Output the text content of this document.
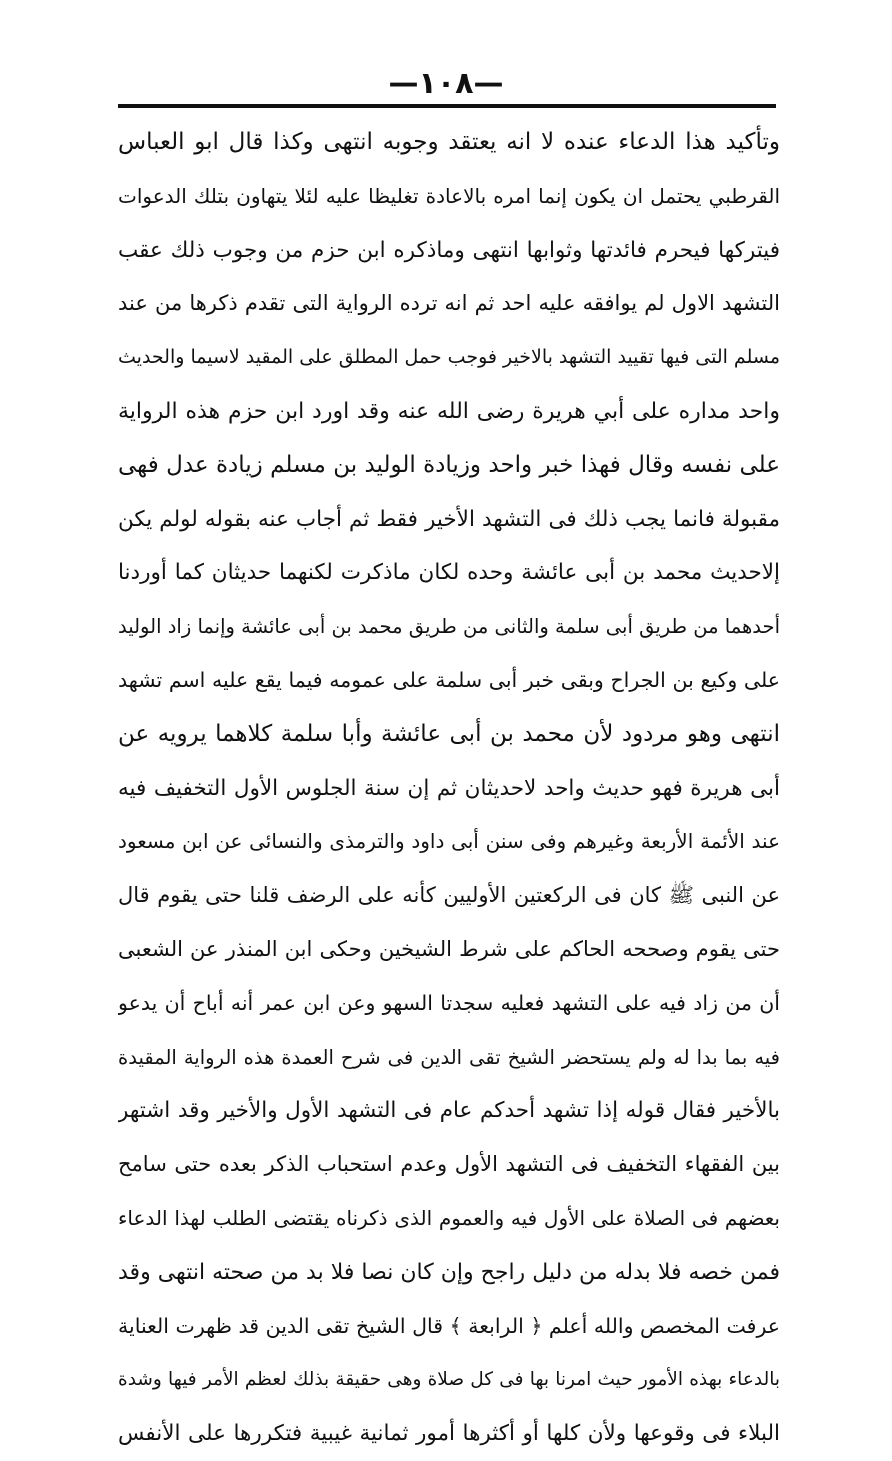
—١٠٨—
وتأكيد هذا الدعاء عنده لا انه يعتقد وجوبه انتهى وكذا قال ابو العباس
القرطبي يحتمل ان يكون إنما امره بالاعادة تغليظا عليه لئلا يتهاون بتلك الدعوات
فيتركها فيحرم فائدتها وثوابها انتهى وماذكره ابن حزم من وجوب ذلك عقب
التشهد الاول لم يوافقه عليه احد ثم انه ترده الرواية التى تقدم ذكرها من عند
مسلم التى فيها تقييد التشهد بالاخير فوجب حمل المطلق على المقيد لاسيما والحديث
واحد مداره على أبي هريرة رضى الله عنه وقد اورد ابن حزم هذه الرواية
على نفسه وقال فهذا خبر واحد وزيادة الوليد بن مسلم زيادة عدل فهى
مقبولة فانما يجب ذلك فى التشهد الأخير فقط ثم أجاب عنه بقوله لولم يكن
إلاحديث محمد بن أبى عائشة وحده لكان ماذكرت لكنهما حديثان كما أوردنا
أحدهما من طريق أبى سلمة والثانى من طريق محمد بن أبى عائشة وإنما زاد الوليد
على وكيع بن الجراح وبقى خبر أبى سلمة على عمومه فيما يقع عليه اسم تشهد
انتهى وهو مردود لأن محمد بن أبى عائشة وأبا سلمة كلاهما يرويه عن
أبى هريرة فهو حديث واحد لاحديثان ثم إن سنة الجلوس الأول التخفيف فيه
عند الأئمة الأربعة وغيرهم وفى سنن أبى داود والترمذى والنسائى عن ابن مسعود
عن النبى ﷺ كان فى الركعتين الأوليين كأنه على الرضف قلنا حتى يقوم قال
حتى يقوم وصححه الحاكم على شرط الشيخين وحكى ابن المنذر عن الشعبى
أن من زاد فيه على التشهد فعليه سجدتا السهو وعن ابن عمر أنه أباح أن يدعو
فيه بما بدا له ولم يستحضر الشيخ تقى الدين فى شرح العمدة هذه الرواية المقيدة
بالأخير فقال قوله إذا تشهد أحدكم عام فى التشهد الأول والأخير وقد اشتهر
بين الفقهاء التخفيف فى التشهد الأول وعدم استحباب الذكر بعده حتى سامح
بعضهم فى الصلاة على الأول فيه والعموم الذى ذكرناه يقتضى الطلب لهذا الدعاء
فمن خصه فلا بدله من دليل راجح وإن كان نصا فلا بد من صحته انتهى وقد
عرفت المخصص والله أعلم ﴿ الرابعة ﴾ قال الشيخ تقى الدين قد ظهرت العناية
بالدعاء بهذه الأمور حيث امرنا بها فى كل صلاة وهى حقيقة بذلك لعظم الأمر فيها وشدة
البلاء فى وقوعها ولأن كلها أو أكثرها أمور ثمانية غيبية فتكررها على الأنفس
